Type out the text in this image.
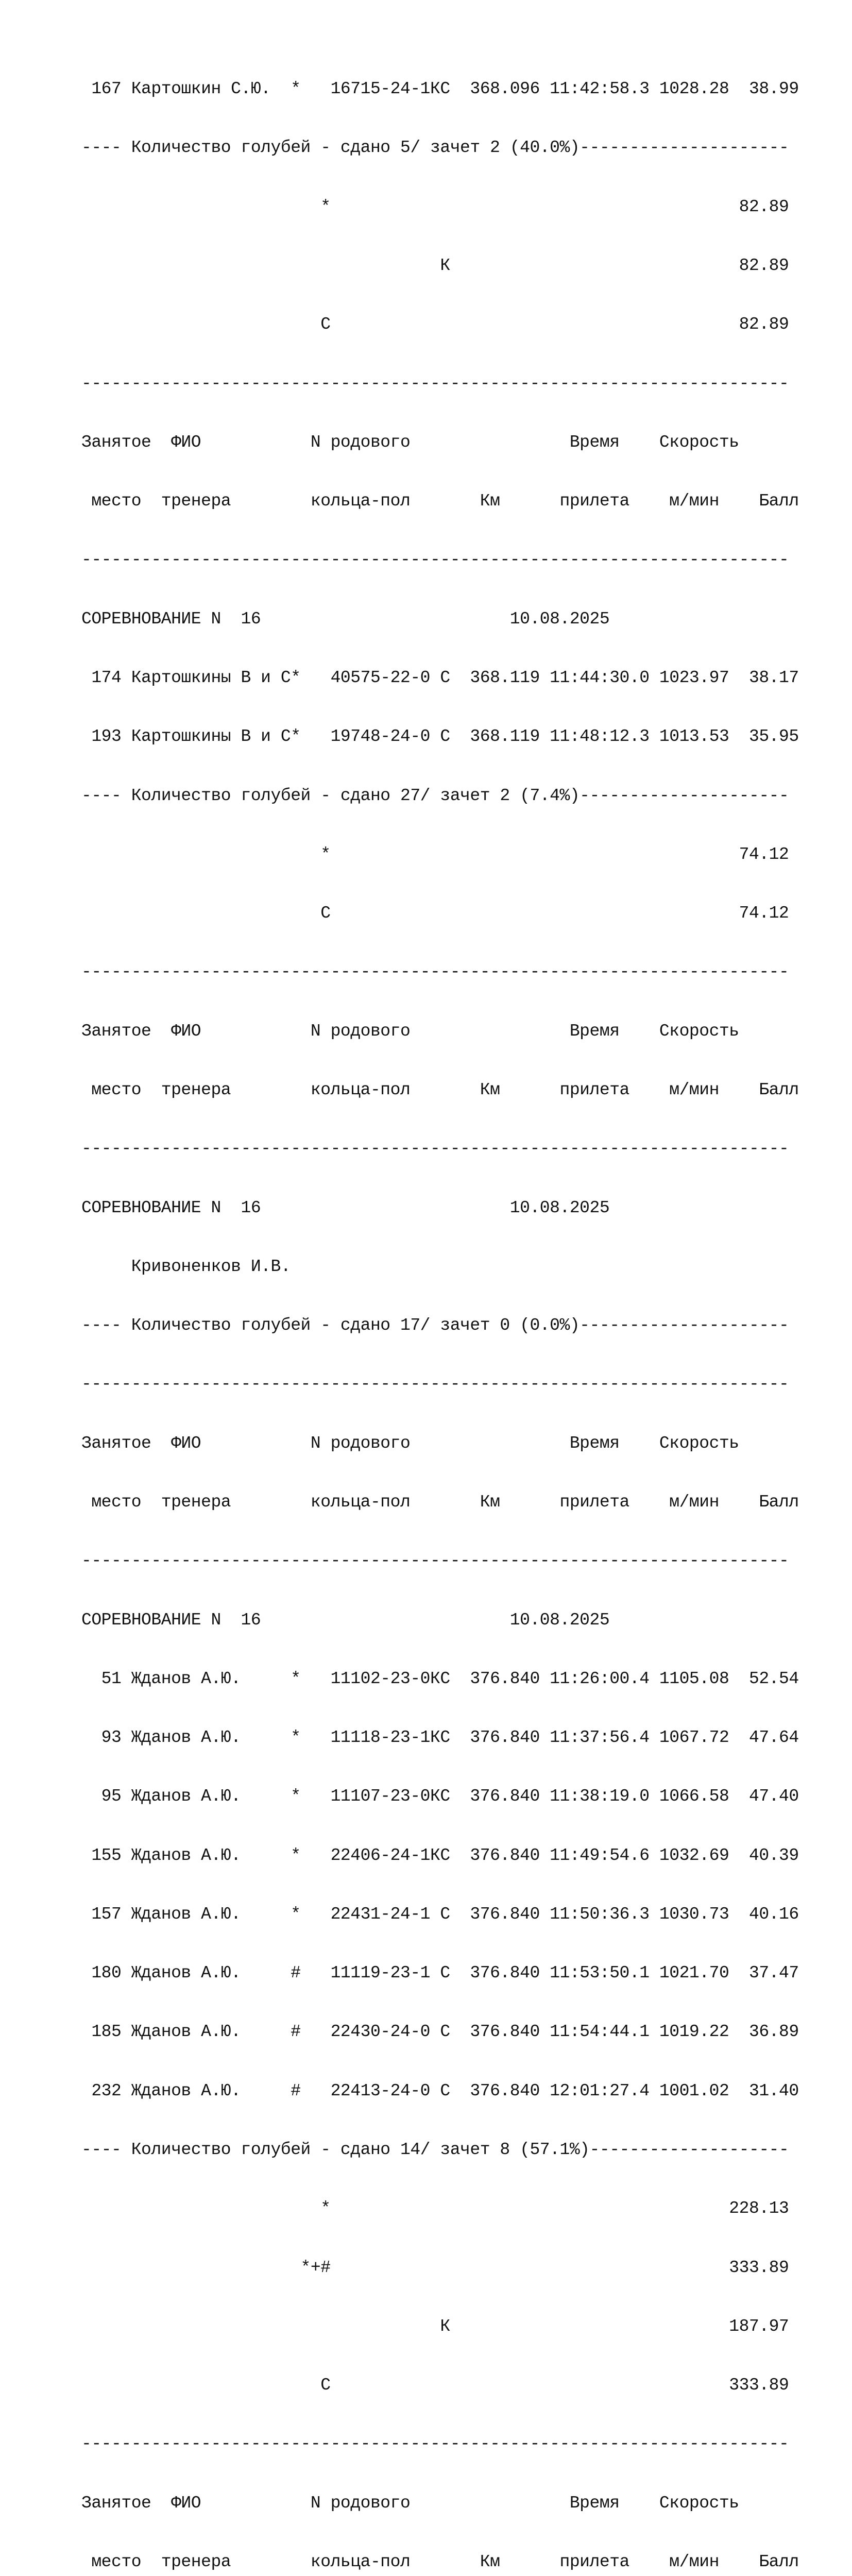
167 Картошкин С.Ю.  *   16715-24-1КС  368.096 11:42:58.3 1028.28  38.99

---- Количество голубей - сдано 5/ зачет 2 (40.0%)---------------------

*                                         82.89

К                             82.89

С                                         82.89

-----------------------------------------------------------------------

Занятое  ФИО           N родового                Время    Скорость

место  тренера        кольца-пол       Км      прилета    м/мин    Балл

-----------------------------------------------------------------------

СОРЕВНОВАНИЕ N  16                         10.08.2025

174 Картошкины В и С*   40575-22-0 С  368.119 11:44:30.0 1023.97  38.17

193 Картошкины В и С*   19748-24-0 С  368.119 11:48:12.3 1013.53  35.95

---- Количество голубей - сдано 27/ зачет 2 (7.4%)---------------------

*                                         74.12

С                                         74.12

-----------------------------------------------------------------------

Занятое  ФИО           N родового                Время    Скорость

место  тренера        кольца-пол       Км      прилета    м/мин    Балл

-----------------------------------------------------------------------

СОРЕВНОВАНИЕ N  16                         10.08.2025

Кривоненков И.В.

---- Количество голубей - сдано 17/ зачет 0 (0.0%)---------------------

-----------------------------------------------------------------------

Занятое  ФИО           N родового                Время    Скорость

место  тренера        кольца-пол       Км      прилета    м/мин    Балл

-----------------------------------------------------------------------

СОРЕВНОВАНИЕ N  16                         10.08.2025

51 Жданов А.Ю.     *   11102-23-0КС  376.840 11:26:00.4 1105.08  52.54

93 Жданов А.Ю.     *   11118-23-1КС  376.840 11:37:56.4 1067.72  47.64

95 Жданов А.Ю.     *   11107-23-0КС  376.840 11:38:19.0 1066.58  47.40

155 Жданов А.Ю.     *   22406-24-1КС  376.840 11:49:54.6 1032.69  40.39

157 Жданов А.Ю.     *   22431-24-1 С  376.840 11:50:36.3 1030.73  40.16

180 Жданов А.Ю.     #   11119-23-1 С  376.840 11:53:50.1 1021.70  37.47

185 Жданов А.Ю.     #   22430-24-0 С  376.840 11:54:44.1 1019.22  36.89

232 Жданов А.Ю.     #   22413-24-0 С  376.840 12:01:27.4 1001.02  31.40

---- Количество голубей - сдано 14/ зачет 8 (57.1%)--------------------

*                                        228.13

*+#                                        333.89

К                            187.97

С                                        333.89

-----------------------------------------------------------------------

Занятое  ФИО           N родового                Время    Скорость

место  тренера        кольца-пол       Км      прилета    м/мин    Балл
